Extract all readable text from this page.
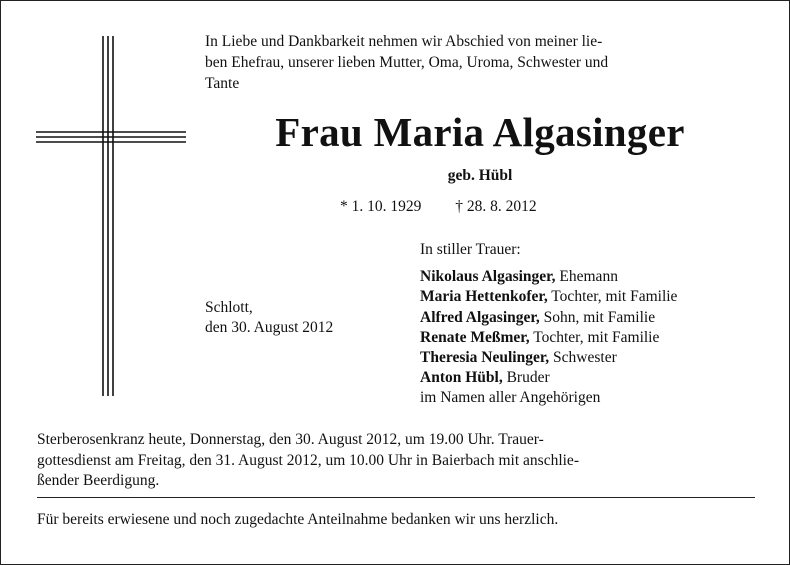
In Liebe und Dankbarkeit nehmen wir Abschied von meiner lie-
ben Ehefrau, unserer lieben Mutter, Oma, Uroma, Schwester und
Tante
Frau Maria Algasinger
geb. Hübl
* 1. 10. 1929 † 28. 8. 2012
Schlott,
den 30. August 2012
In stiller Trauer:
Nikolaus Algasinger, Ehemann
Maria Hettenkofer, Tochter, mit Familie
Alfred Algasinger, Sohn, mit Familie
Renate Meßmer, Tochter, mit Familie
Theresia Neulinger, Schwester
Anton Hübl, Bruder
im Namen aller Angehörigen
Sterberosenkranz heute, Donnerstag, den 30. August 2012, um 19.00 Uhr. Trauer-
gottesdienst am Freitag, den 31. August 2012, um 10.00 Uhr in Baierbach mit anschlie-
ßender Beerdigung.
Für bereits erwiesene und noch zugedachte Anteilnahme bedanken wir uns herzlich.
